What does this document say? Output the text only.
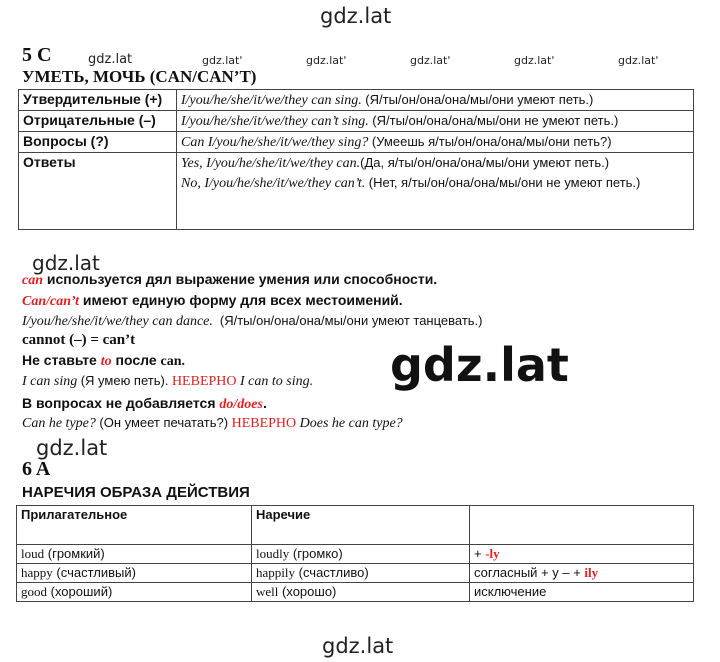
gdz.lat
gdz.lat	gdz.lat'	gdz.lat'	gdz.lat'	gdz.lat'	gdz.lat'
gdz.lat
gdz.lat
gdz.lat
gdz.lat
5 C
УМЕТЬ, МОЧЬ (CAN/CAN’T)
Утвердительные (+)	I/you/he/she/it/we/they can sing. (Я/ты/он/она/она/мы/они умеют петь.)
Отрицательные (–)	I/you/he/she/it/we/they can’t sing. (Я/ты/он/она/она/мы/они не умеют петь.)
Вопросы (?)	Can I/you/he/she/it/we/they sing? (Умеешь я/ты/он/она/она/мы/они петь?)
Ответы	Yes, I/you/he/she/it/we/they can.(Да, я/ты/он/она/она/мы/они умеют петь.)
No, I/you/he/she/it/we/they can’t. (Нет, я/ты/он/она/она/мы/они не умеют петь.)
can используется дял выражение умения или способности.
Can/can’t имеют единую форму для всех местоимений.
I/you/he/she/it/we/they can dance. (Я/ты/он/она/она/мы/они умеют танцевать.)
cannot (–) = can’t
Не ставьте to после can.
I can sing (Я умею петь). НЕВЕРНО I can to sing.
В вопросах не добавляется do/does.
Can he type? (Он умеет печатать?) НЕВЕРНО Does he can type?
6 A
НАРЕЧИЯ ОБРАЗА ДЕЙСТВИЯ
Прилагательное	Наречие	
loud (громкий)	loudly (громко)	+ -ly
happy (счастливый)	happily (счастливо)	согласный + y – + ily
good (хороший)	well (хорошо)	исключение
